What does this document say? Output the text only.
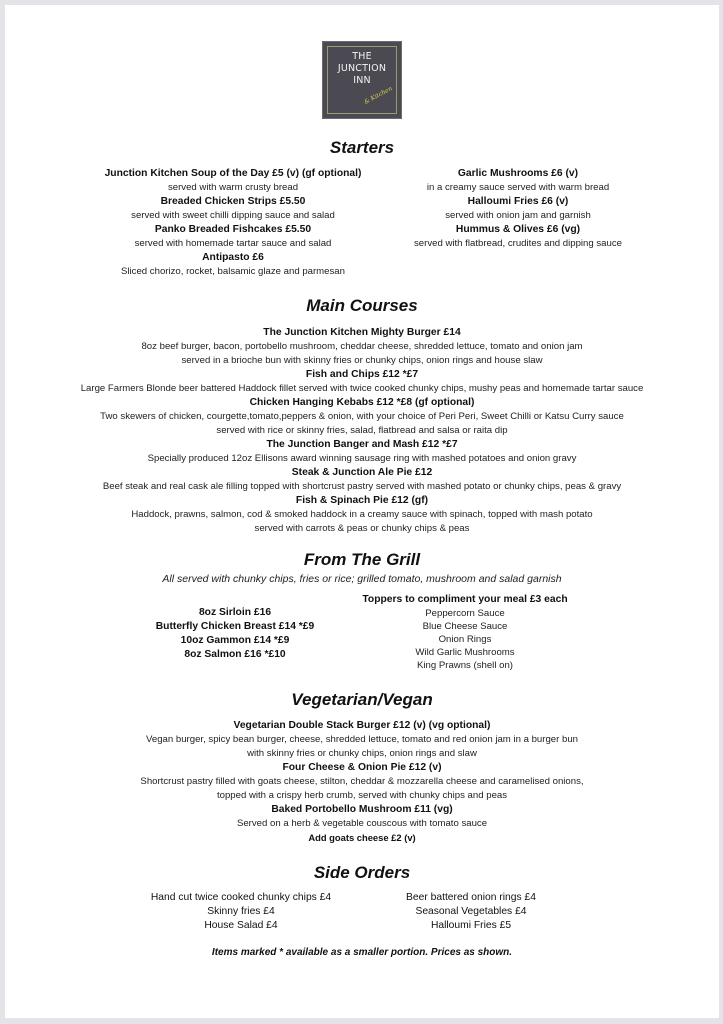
THE
JUNCTION
INN
& Kitchen
Starters
Junction Kitchen Soup of the Day £5 (v) (gf optional)
served with warm crusty bread
Breaded Chicken Strips £5.50
served with sweet chilli dipping sauce and salad
Panko Breaded Fishcakes £5.50
served with homemade tartar sauce and salad
Antipasto £6
Sliced chorizo, rocket, balsamic glaze and parmesan
Garlic Mushrooms £6 (v)
in a creamy sauce served with warm bread
Halloumi Fries £6 (v)
served with onion jam and garnish
Hummus & Olives £6 (vg)
served with flatbread, crudites and dipping sauce
Main Courses
The Junction Kitchen Mighty Burger £14
8oz beef burger, bacon, portobello mushroom, cheddar cheese, shredded lettuce, tomato and onion jam
served in a brioche bun with skinny fries or chunky chips, onion rings and house slaw
Fish and Chips £12 *£7
Large Farmers Blonde beer battered Haddock fillet served with twice cooked chunky chips, mushy peas and homemade tartar sauce
Chicken Hanging Kebabs £12 *£8 (gf optional)
Two skewers of chicken, courgette,tomato,peppers & onion, with your choice of Peri Peri, Sweet Chilli or Katsu Curry sauce
served with rice or skinny fries, salad, flatbread and salsa or raita dip
The Junction Banger and Mash £12 *£7
Specially produced 12oz Ellisons award winning sausage ring with mashed potatoes and onion gravy
Steak & Junction Ale Pie £12
Beef steak and real cask ale filling topped with shortcrust pastry served with mashed potato or chunky chips, peas & gravy
Fish & Spinach Pie £12 (gf)
Haddock, prawns, salmon, cod & smoked haddock in a creamy sauce with spinach, topped with mash potato
served with carrots & peas or chunky chips & peas
From The Grill
All served with chunky chips, fries or rice; grilled tomato, mushroom and salad garnish
8oz Sirloin £16
Butterfly Chicken Breast £14 *£9
10oz Gammon £14 *£9
8oz Salmon £16 *£10
Toppers to compliment your meal £3 each
Peppercorn Sauce
Blue Cheese Sauce
Onion Rings
Wild Garlic Mushrooms
King Prawns (shell on)
Vegetarian/Vegan
Vegetarian Double Stack Burger £12 (v) (vg optional)
Vegan burger, spicy bean burger, cheese, shredded lettuce, tomato and red onion jam in a burger bun
with skinny fries or chunky chips, onion rings and slaw
Four Cheese & Onion Pie £12 (v)
Shortcrust pastry filled with goats cheese, stilton, cheddar & mozzarella cheese and caramelised onions,
topped with a crispy herb crumb, served with chunky chips and peas
Baked Portobello Mushroom £11 (vg)
Served on a herb & vegetable couscous with tomato sauce
Add goats cheese £2 (v)
Side Orders
Hand cut twice cooked chunky chips £4
Skinny fries £4
House Salad £4
Beer battered onion rings £4
Seasonal Vegetables £4
Halloumi Fries £5
Items marked * available as a smaller portion. Prices as shown.
